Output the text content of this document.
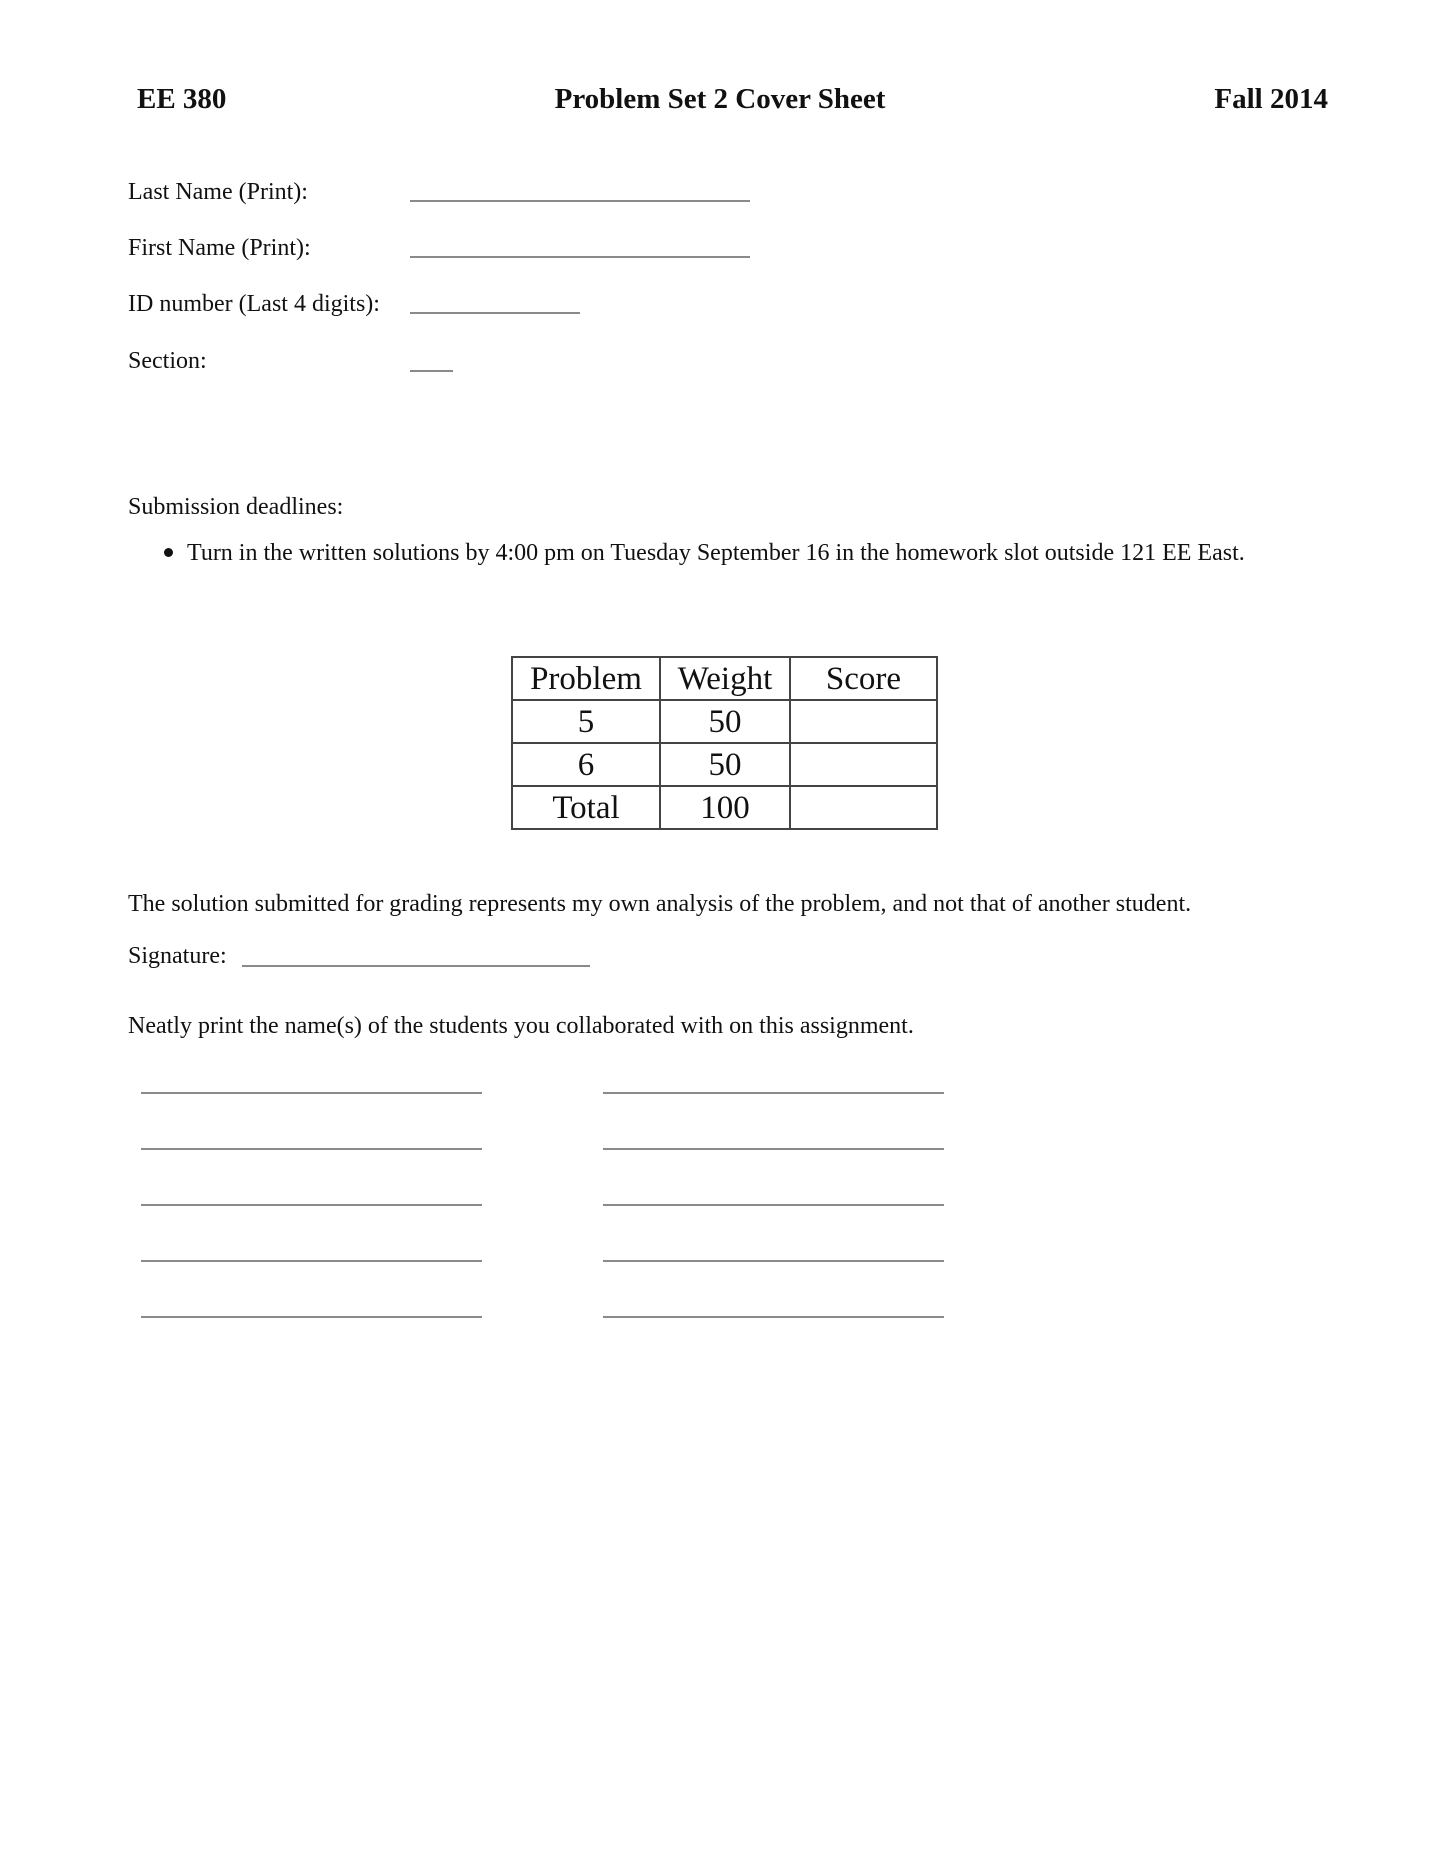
EE 380	Problem Set 2 Cover Sheet	Fall 2014
Last Name (Print):
First Name (Print):
ID number (Last 4 digits):
Section:
Submission deadlines:
Turn in the written solutions by 4:00 pm on Tuesday September 16 in the homework slot outside 121 EE East.
Problem	Weight	Score
5	50	
6	50	
Total	100	
The solution submitted for grading represents my own analysis of the problem, and not that of another student.
Signature:
Neatly print the name(s) of the students you collaborated with on this assignment.
